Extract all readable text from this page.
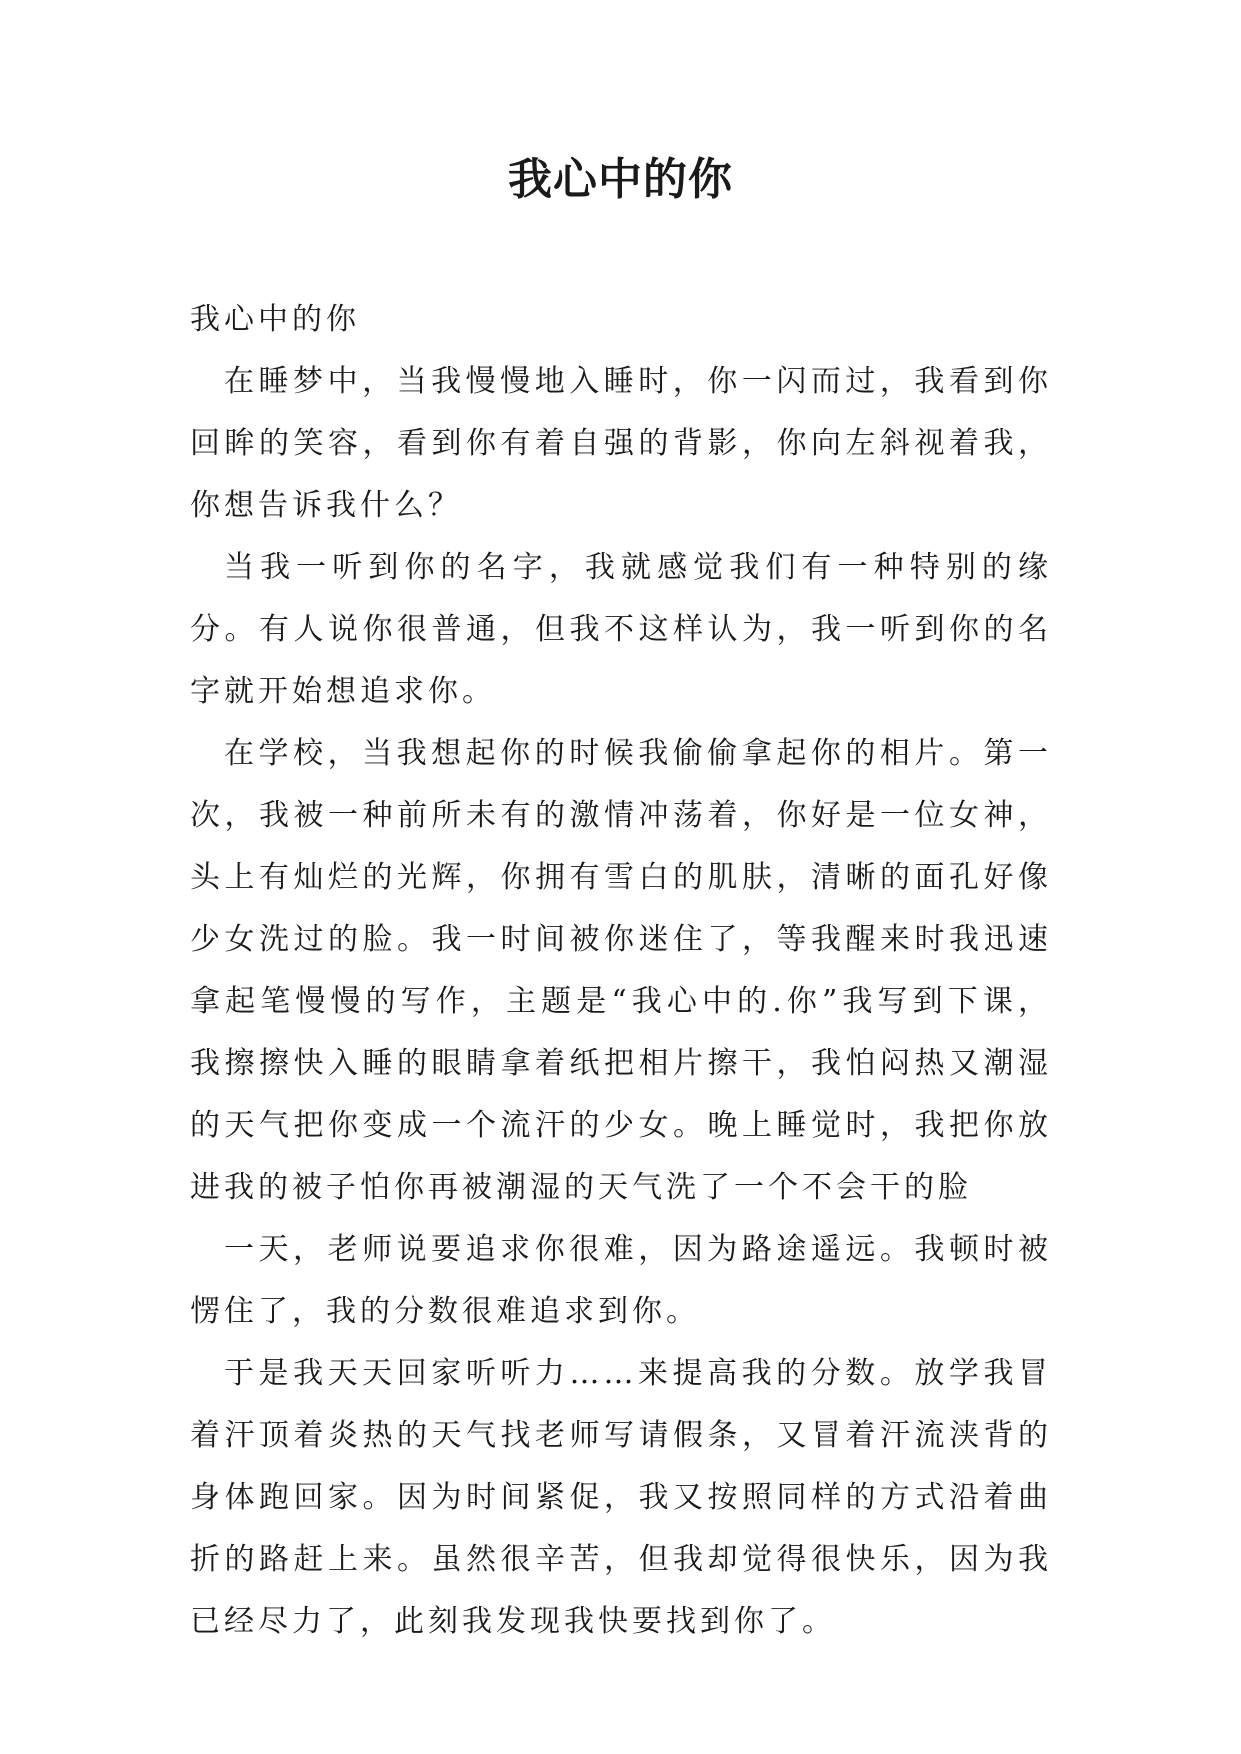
我心中的你

我心中的你

在睡梦中，当我慢慢地入睡时，你一闪而过，我看到你回眸的笑容，看到你有着自强的背影，你向左斜视着我，你想告诉我什么？

当我一听到你的名字，我就感觉我们有一种特别的缘分。有人说你很普通，但我不这样认为，我一听到你的名字就开始想追求你。

在学校，当我想起你的时候我偷偷拿起你的相片。第一次，我被一种前所未有的激情冲荡着，你好是一位女神，头上有灿烂的光辉，你拥有雪白的肌肤，清晰的面孔好像少女洗过的脸。我一时间被你迷住了，等我醒来时我迅速拿起笔慢慢的写作，主题是“我心中的.你”我写到下课，我擦擦快入睡的眼睛拿着纸把相片擦干，我怕闷热又潮湿的天气把你变成一个流汗的少女。晚上睡觉时，我把你放进我的被子怕你再被潮湿的天气洗了一个不会干的脸

一天，老师说要追求你很难，因为路途遥远。我顿时被愣住了，我的分数很难追求到你。

于是我天天回家听听力……来提高我的分数。放学我冒着汗顶着炎热的天气找老师写请假条，又冒着汗流浃背的身体跑回家。因为时间紧促，我又按照同样的方式沿着曲折的路赶上来。虽然很辛苦，但我却觉得很快乐，因为我已经尽力了，此刻我发现我快要找到你了。
